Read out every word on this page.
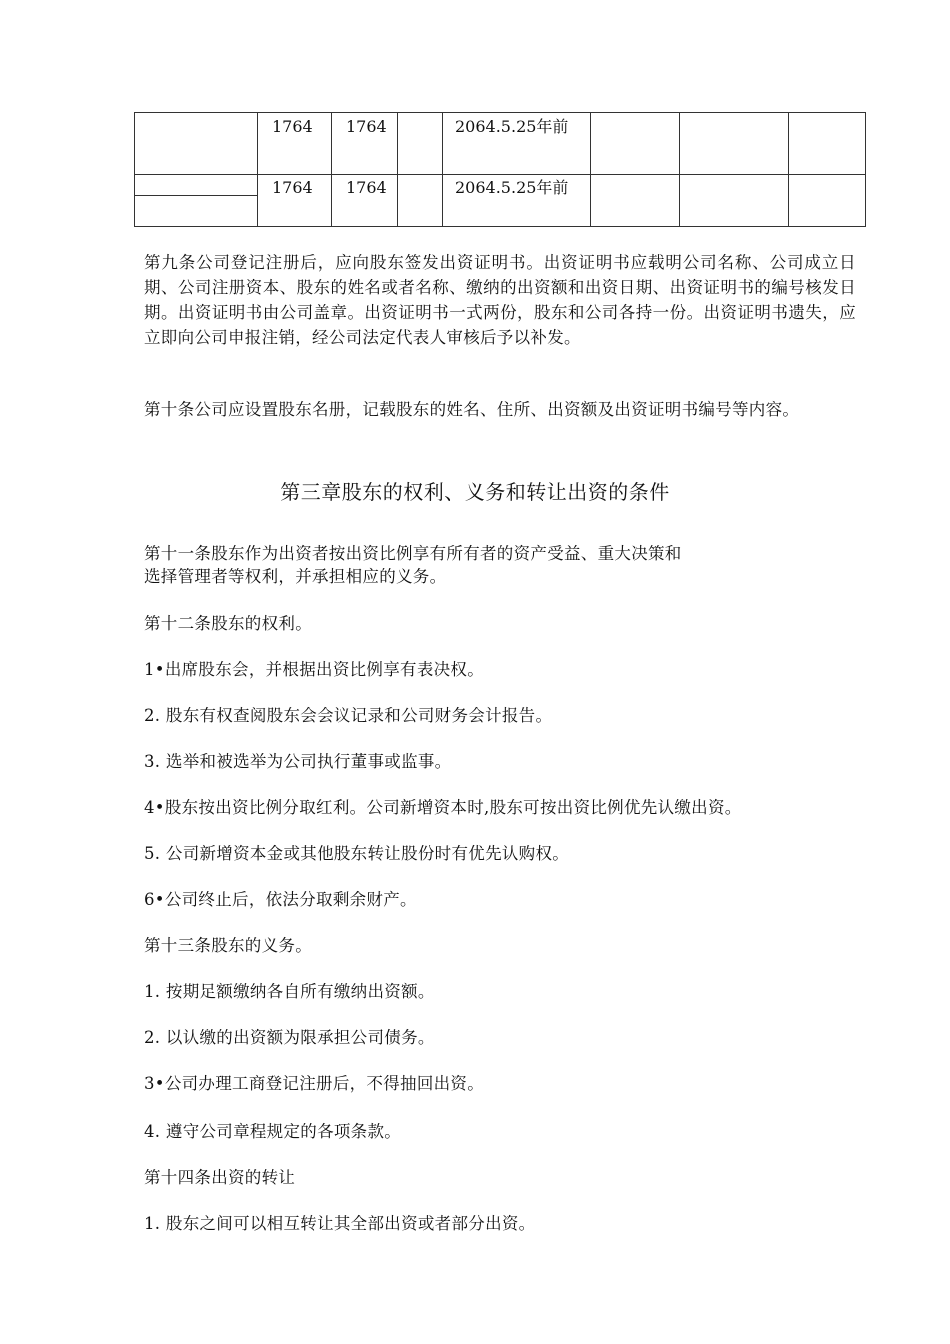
1764 1764	2064.5.25年前
1764 1764	2064.5.25年前

第九条公司登记注册后，应向股东签发出资证明书。出资证明书应载明公司名称、公司成立日期、公司注册资本、股东的姓名或者名称、缴纳的出资额和出资日期、出资证明书的编号核发日期。出资证明书由公司盖章。出资证明书一式两份，股东和公司各持一份。出资证明书遗失，应立即向公司申报注销，经公司法定代表人审核后予以补发。

第十条公司应设置股东名册，记载股东的姓名、住所、出资额及出资证明书编号等内容。

第三章股东的权利、义务和转让出资的条件

第十一条股东作为出资者按出资比例享有所有者的资产受益、重大决策和

选择管理者等权利，并承担相应的义务。

第十二条股东的权利。

1•出席股东会，并根据出资比例享有表决权。

2. 股东有权查阅股东会会议记录和公司财务会计报告。

3. 选举和被选举为公司执行董事或监事。

4•股东按出资比例分取红利。公司新增资本时,股东可按出资比例优先认缴出资。

5. 公司新增资本金或其他股东转让股份时有优先认购权。

6•公司终止后，依法分取剩余财产。

第十三条股东的义务。

1. 按期足额缴纳各自所有缴纳出资额。

2. 以认缴的出资额为限承担公司债务。

3•公司办理工商登记注册后，不得抽回出资。

4. 遵守公司章程规定的各项条款。

第十四条出资的转让

1. 股东之间可以相互转让其全部出资或者部分出资。
